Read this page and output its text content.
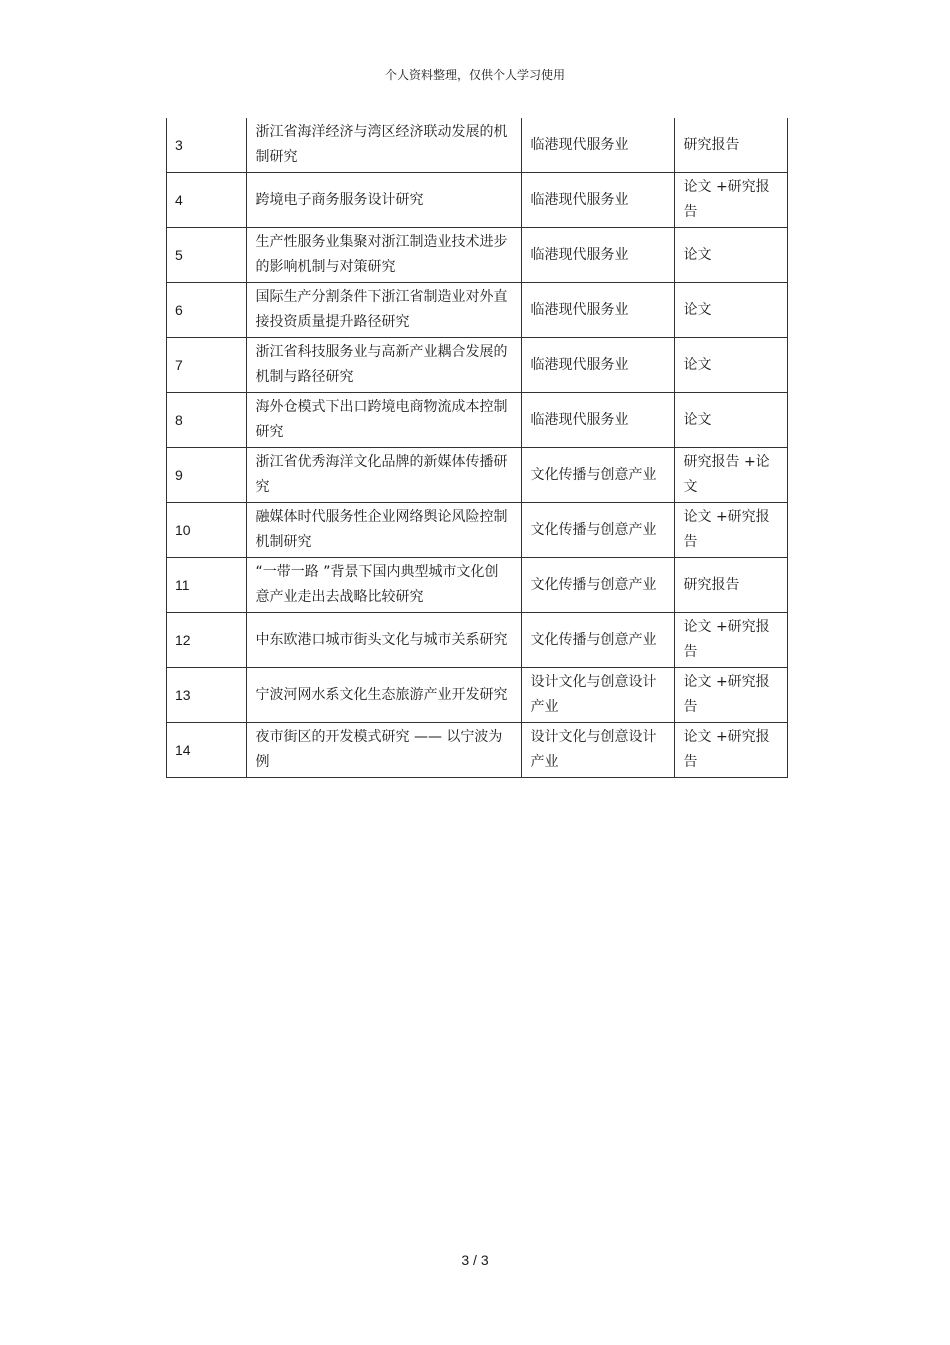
个人资料整理，仅供个人学习使用
3	浙江省海洋经济与湾区经济联动发展的机制研究	临港现代服务业	研究报告
4	跨境电子商务服务设计研究	临港现代服务业	论文 +研究报告
5	生产性服务业集聚对浙江制造业技术进步的影响机制与对策研究	临港现代服务业	论文
6	国际生产分割条件下浙江省制造业对外直接投资质量提升路径研究	临港现代服务业	论文
7	浙江省科技服务业与高新产业耦合发展的机制与路径研究	临港现代服务业	论文
8	海外仓模式下出口跨境电商物流成本控制研究	临港现代服务业	论文
9	浙江省优秀海洋文化品牌的新媒体传播研究	文化传播与创意产业	研究报告 +论文
10	融媒体时代服务性企业网络舆论风险控制机制研究	文化传播与创意产业	论文 +研究报告
11	“一带一路 ”背景下国内典型城市文化创意产业走出去战略比较研究	文化传播与创意产业	研究报告
12	中东欧港口城市街头文化与城市关系研究	文化传播与创意产业	论文 +研究报告
13	宁波河网水系文化生态旅游产业开发研究	设计文化与创意设计产业	论文 +研究报告
14	夜市街区的开发模式研究 —— 以宁波为例	设计文化与创意设计产业	论文 +研究报告
3 / 3
